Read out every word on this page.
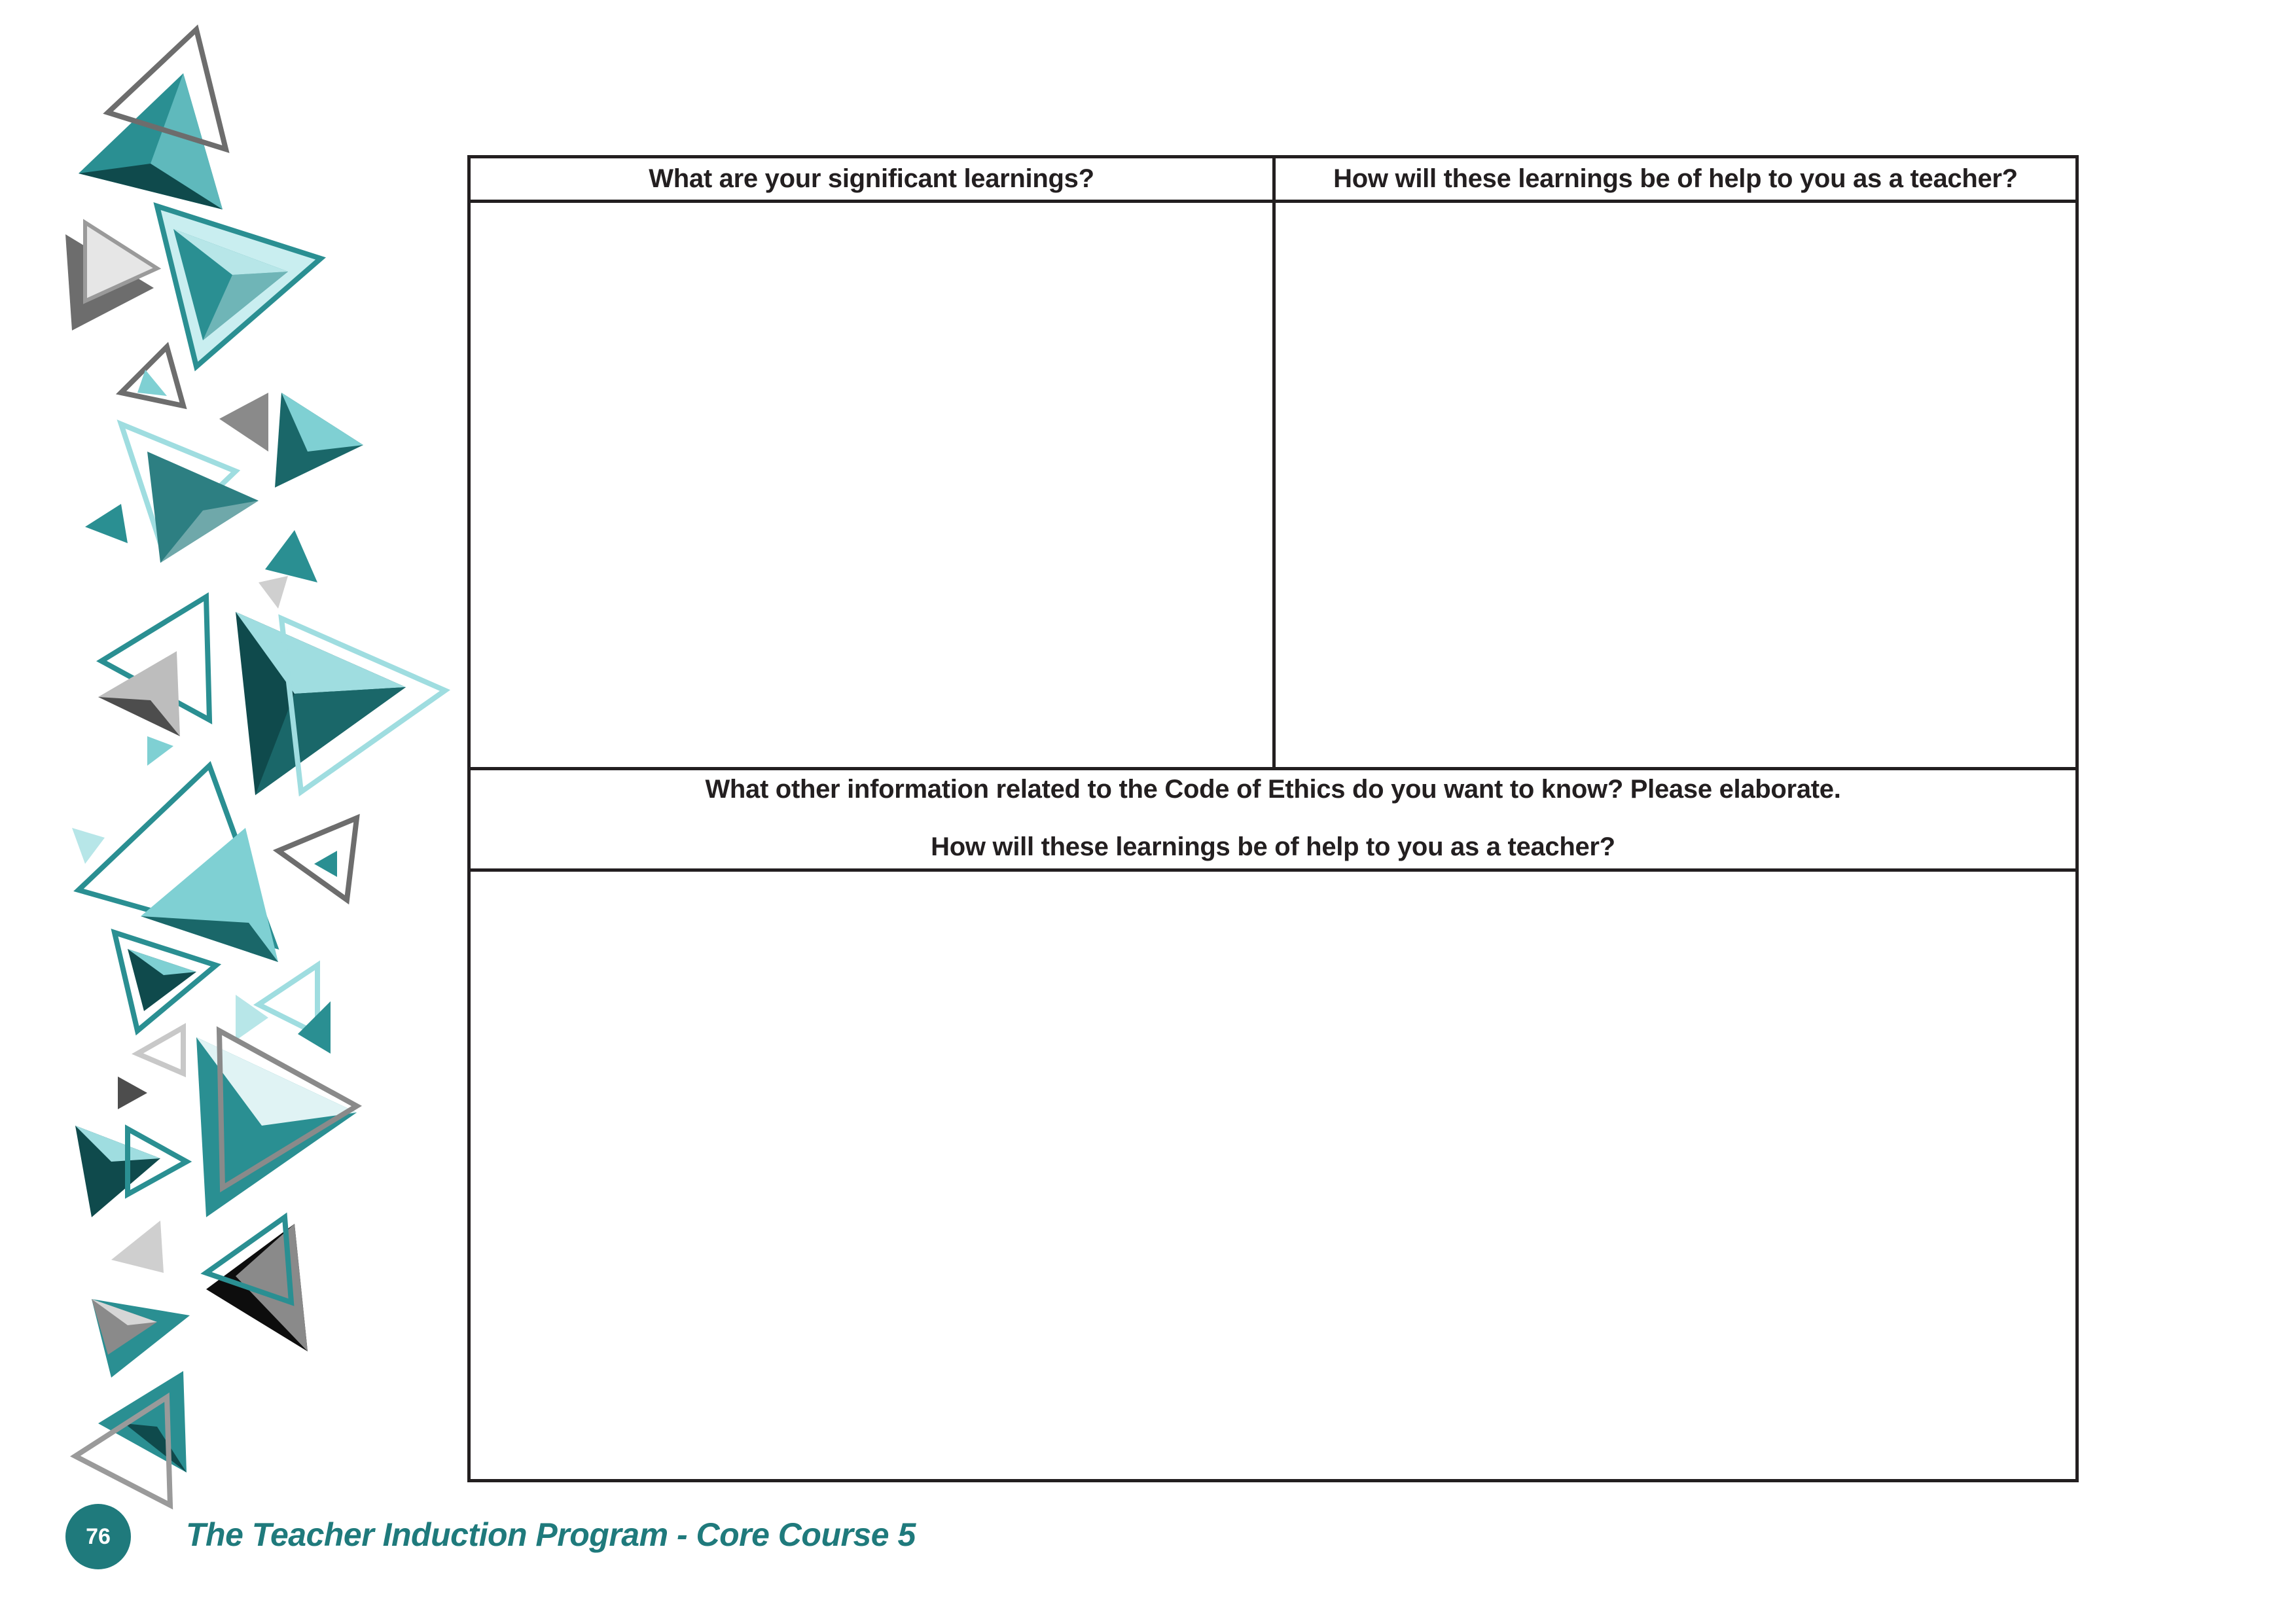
What are your significant learnings?	How will these learnings be of help to you as a teacher?
What other information related to the Code of Ethics do you want to know? Please elaborate.
How will these learnings be of help to you as a teacher?
76	The Teacher Induction Program - Core Course 5
